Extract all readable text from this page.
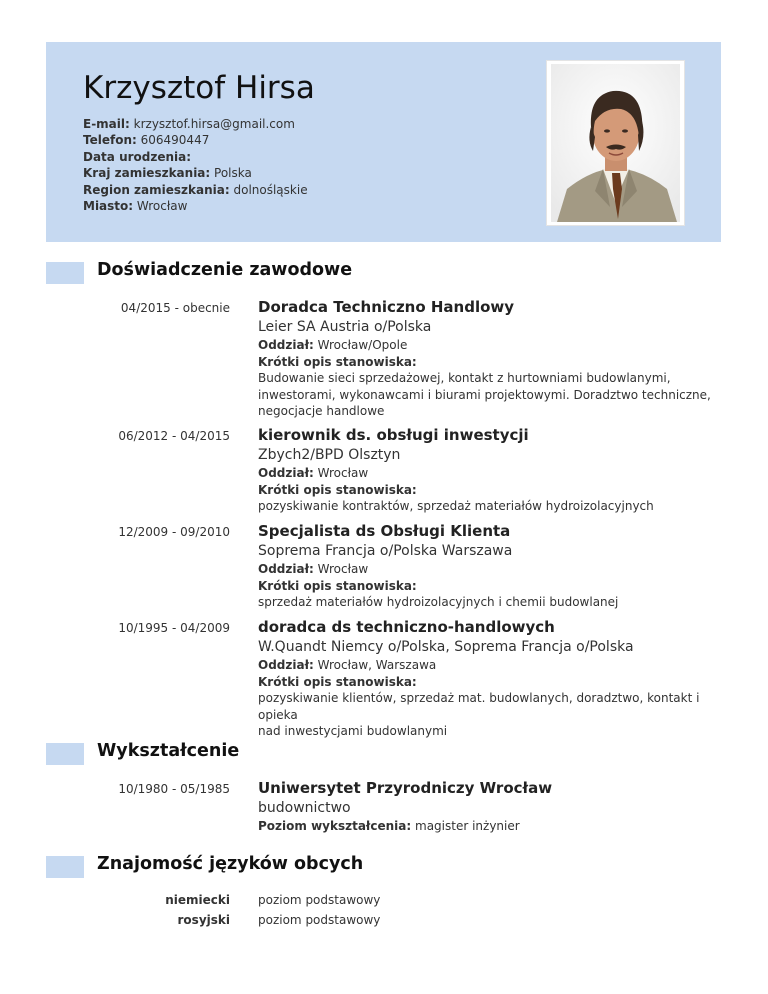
Krzysztof Hirsa
E-mail: krzysztof.hirsa@gmail.com
Telefon: 606490447
Data urodzenia:
Kraj zamieszkania: Polska
Region zamieszkania: dolnośląskie
Miasto: Wrocław
Doświadczenie zawodowe
04/2015 - obecnie Doradca Techniczno Handlowy
Leier SA Austria o/Polska
Oddział: Wrocław/Opole
Krótki opis stanowiska:
Budowanie sieci sprzedażowej, kontakt z hurtowniami budowlanymi,
inwestorami, wykonawcami i biurami projektowymi. Doradztwo techniczne,
negocjacje handlowe
06/2012 - 04/2015 kierownik ds. obsługi inwestycji
Zbych2/BPD Olsztyn
Oddział: Wrocław
Krótki opis stanowiska:
pozyskiwanie kontraktów, sprzedaż materiałów hydroizolacyjnych
12/2009 - 09/2010 Specjalista ds Obsługi Klienta
Soprema Francja o/Polska Warszawa
Oddział: Wrocław
Krótki opis stanowiska:
sprzedaż materiałów hydroizolacyjnych i chemii budowlanej
10/1995 - 04/2009 doradca ds techniczno-handlowych
W.Quandt Niemcy o/Polska, Soprema Francja o/Polska
Oddział: Wrocław, Warszawa
Krótki opis stanowiska:
pozyskiwanie klientów, sprzedaż mat. budowlanych, doradztwo, kontakt i opieka
nad inwestycjami budowlanymi
Wykształcenie
10/1980 - 05/1985 Uniwersytet Przyrodniczy Wrocław
budownictwo
Poziom wykształcenia: magister inżynier
Znajomość języków obcych
niemiecki poziom podstawowy
rosyjski poziom podstawowy
